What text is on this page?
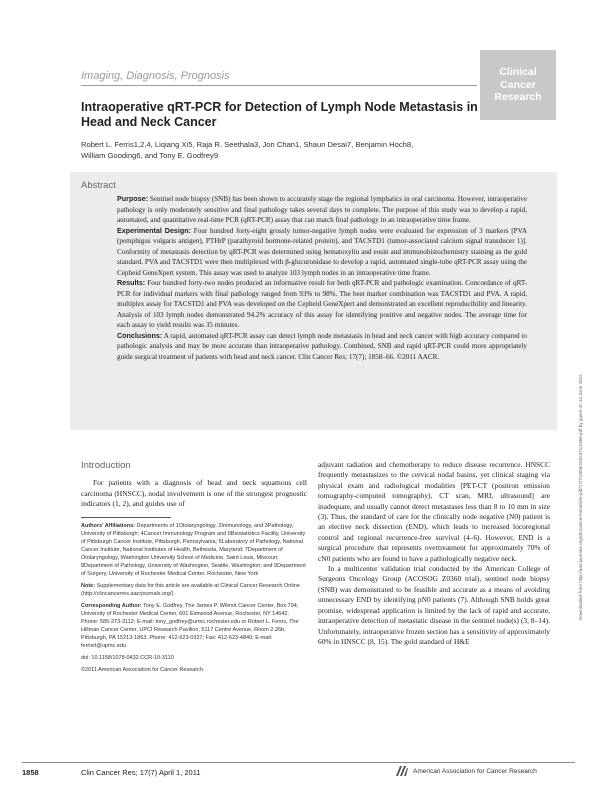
Clinical
Cancer
Research
Imaging, Diagnosis, Prognosis
Intraoperative qRT-PCR for Detection of Lymph Node Metastasis in
Head and Neck Cancer
Robert L. Ferris1,2,4, Liqiang Xi5, Raja R. Seethala3, Jon Chan1, Shaun Desai7, Benjamin Hoch8,
William Gooding6, and Tony E. Godfrey9
Abstract

Purpose: Sentinel node biopsy (SNB) has been shown to accurately stage the regional lymphatics in oral carcinoma. However, intraoperative pathology is only moderately sensitive and final pathology takes several days to complete. The purpose of this study was to develop a rapid, automated, and quantitative real-time PCR (qRT-PCR) assay that can match final pathology in an intraoperative time frame.

Experimental Design: Four hundred forty-eight grossly tumor-negative lymph nodes were evaluated for expression of 3 markers [PVA (pemphigus vulgaris antigen), PTHrP (parathyroid hormone-related protein), and TACSTD1 (tumor-associated calcium signal transducer 1)]. Conformity of metastasis detection by qRT-PCR was determined using hematoxylin and eosin and immunohistochemistry staining as the gold standard. PVA and TACSTD1 were then multiplexed with β-glucuronidase to develop a rapid, automated single-tube qRT-PCR assay using the Cepheid GeneXpert system. This assay was used to analyze 103 lymph nodes in an intraoperative time frame.

Results: Four hundred forty-two nodes produced an informative result for both qRT-PCR and pathologic examination. Concordance of qRT-PCR for individual markers with final pathology ranged from 93% to 98%. The best marker combination was TACSTD1 and PVA. A rapid, multiplex assay for TACSTD1 and PVA was developed on the Cepheid GeneXpert and demonstrated an excellent reproducibility and linearity. Analysis of 103 lymph nodes demonstrated 94.2% accuracy of this assay for identifying positive and negative nodes. The average time for each assay to yield results was 35 minutes.

Conclusions: A rapid, automated qRT-PCR assay can detect lymph node metastasis in head and neck cancer with high accuracy compared to pathologic analysis and may be more accurate than intraoperative pathology. Combined, SNB and rapid qRT-PCR could more appropriately guide surgical treatment of patients with head and neck cancer. Clin Cancer Res; 17(7); 1858–66. ©2011 AACR.

Downloaded from http://aacrjournals.org/clincancerres/article-pdf/17/7/1858/2002371/1858.pdf by guest on 14 June 2022
Introduction

For patients with a diagnosis of head and neck squamous cell carcinoma (HNSCC), nodal involvement is one of the strongest prognostic indicators (1, 2), and guides use of

Authors' Affiliations: Departments of 1Otolaryngology, 2Immunology, and 3Pathology, University of Pittsburgh; 4Cancer Immunology Program and 6Biostatistics Facility, University of Pittsburgh Cancer Institute, Pittsburgh, Pennsylvania; 5Laboratory of Pathology, National Cancer Institute, National Institutes of Health, Bethesda, Maryland; 7Department of Otolaryngology, Washington University School of Medicine, Saint Louis, Missouri; 8Department of Pathology, University of Washington, Seattle, Washington; and 9Department of Surgery, University of Rochester Medical Center, Rochester, New York

Note: Supplementary data for this article are available at Clinical Cancer Research Online (http://clincancerres.aacrjournals.org/).

Corresponding Author: Tony E. Godfrey, The James P. Wilmot Cancer Center, Box 704, University of Rochester Medical Center, 601 Elmwood Avenue, Rochester, NY 14642. Phone: 585-273-3112; E-mail: tony_godfrey@urmc.rochester.edu or Robert L. Ferris, The Hillman Cancer Center, UPCI Research Pavilion, 5117 Centre Avenue, Room 2.26b, Pittsburgh, PA 15213-1863. Phone: 412-623-0327; Fax: 412-623-4840; E-mail: ferrisrl@upmc.edu

doi: 10.1158/1078-0432.CCR-10-3110

©2011 American Association for Cancer Research.

adjuvant radiation and chemotherapy to reduce disease recurrence. HNSCC frequently metastasizes to the cervical nodal basins, yet clinical staging via physical exam and radiological modalities [PET-CT (positron emission tomography-computed tomography), CT scan, MRI, ultrasound] are inadequate, and usually cannot detect metastases less than 8 to 10 mm in size (3). Thus, the standard of care for the clinically node negative (N0) patient is an elective neck dissection (END), which leads to increased locoregional control and regional recurrence-free survival (4–6). However, END is a surgical procedure that represents overtreatment for approximately 70% of cN0 patients who are found to have a pathologically negative neck.

In a multicenter validation trial conducted by the American College of Surgeons Oncology Group (ACOSOG Z0360 trial), sentinel node biopsy (SNB) was demonstrated to be feasible and accurate as a means of avoiding unnecessary END by identifying pN0 patients (7). Although SNB holds great promise, widespread application is limited by the lack of rapid and accurate, intraoperative detection of metastatic disease in the sentinel node(s) (3, 8–14). Unfortunately, intraoperative frozen section has a sensitivity of approximately 60% in HNSCC (8, 15). The gold standard of H&E

1858	Clin Cancer Res; 17(7) April 1, 2011	American Association for Cancer Research
